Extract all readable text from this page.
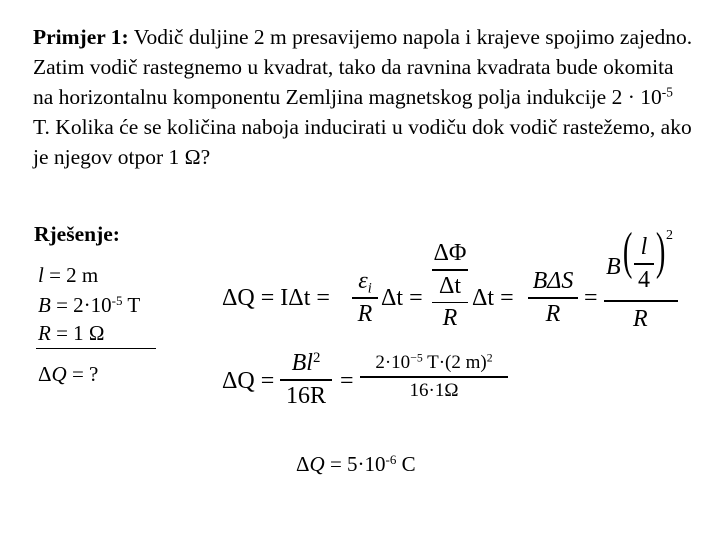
Primjer 1: Vodič duljine 2 m presavijemo napola i krajeve spojimo zajedno. Zatim vodič rastegnemo u kvadrat, tako da ravnina kvadrata bude okomita na horizontalnu komponentu Zemljina magnetskog polja indukcije $2 \cdot 10^{-5}$ T. Kolika će se količina naboja inducirati u vodiču dok vodič rastežemo, ako je njegov otpor 1 Ω?
Rješenje:
l = 2 m
$B = 2\cdot 10^{-5}$ T
R = 1 Ω
ΔQ = ?
ΔQ = IΔt =
$\varepsilon_i$
R
Δt =
ΔΦ
Δt
R
Δt =
BΔS
R
=
B ( l
4 ) 2
R
ΔQ =
$Bl^2$
16R
=
$2\cdot 10^{-5}$ T·(2 m)$^2$
16·1Ω
$\Delta Q = 5\cdot 10^{-6}$ C
